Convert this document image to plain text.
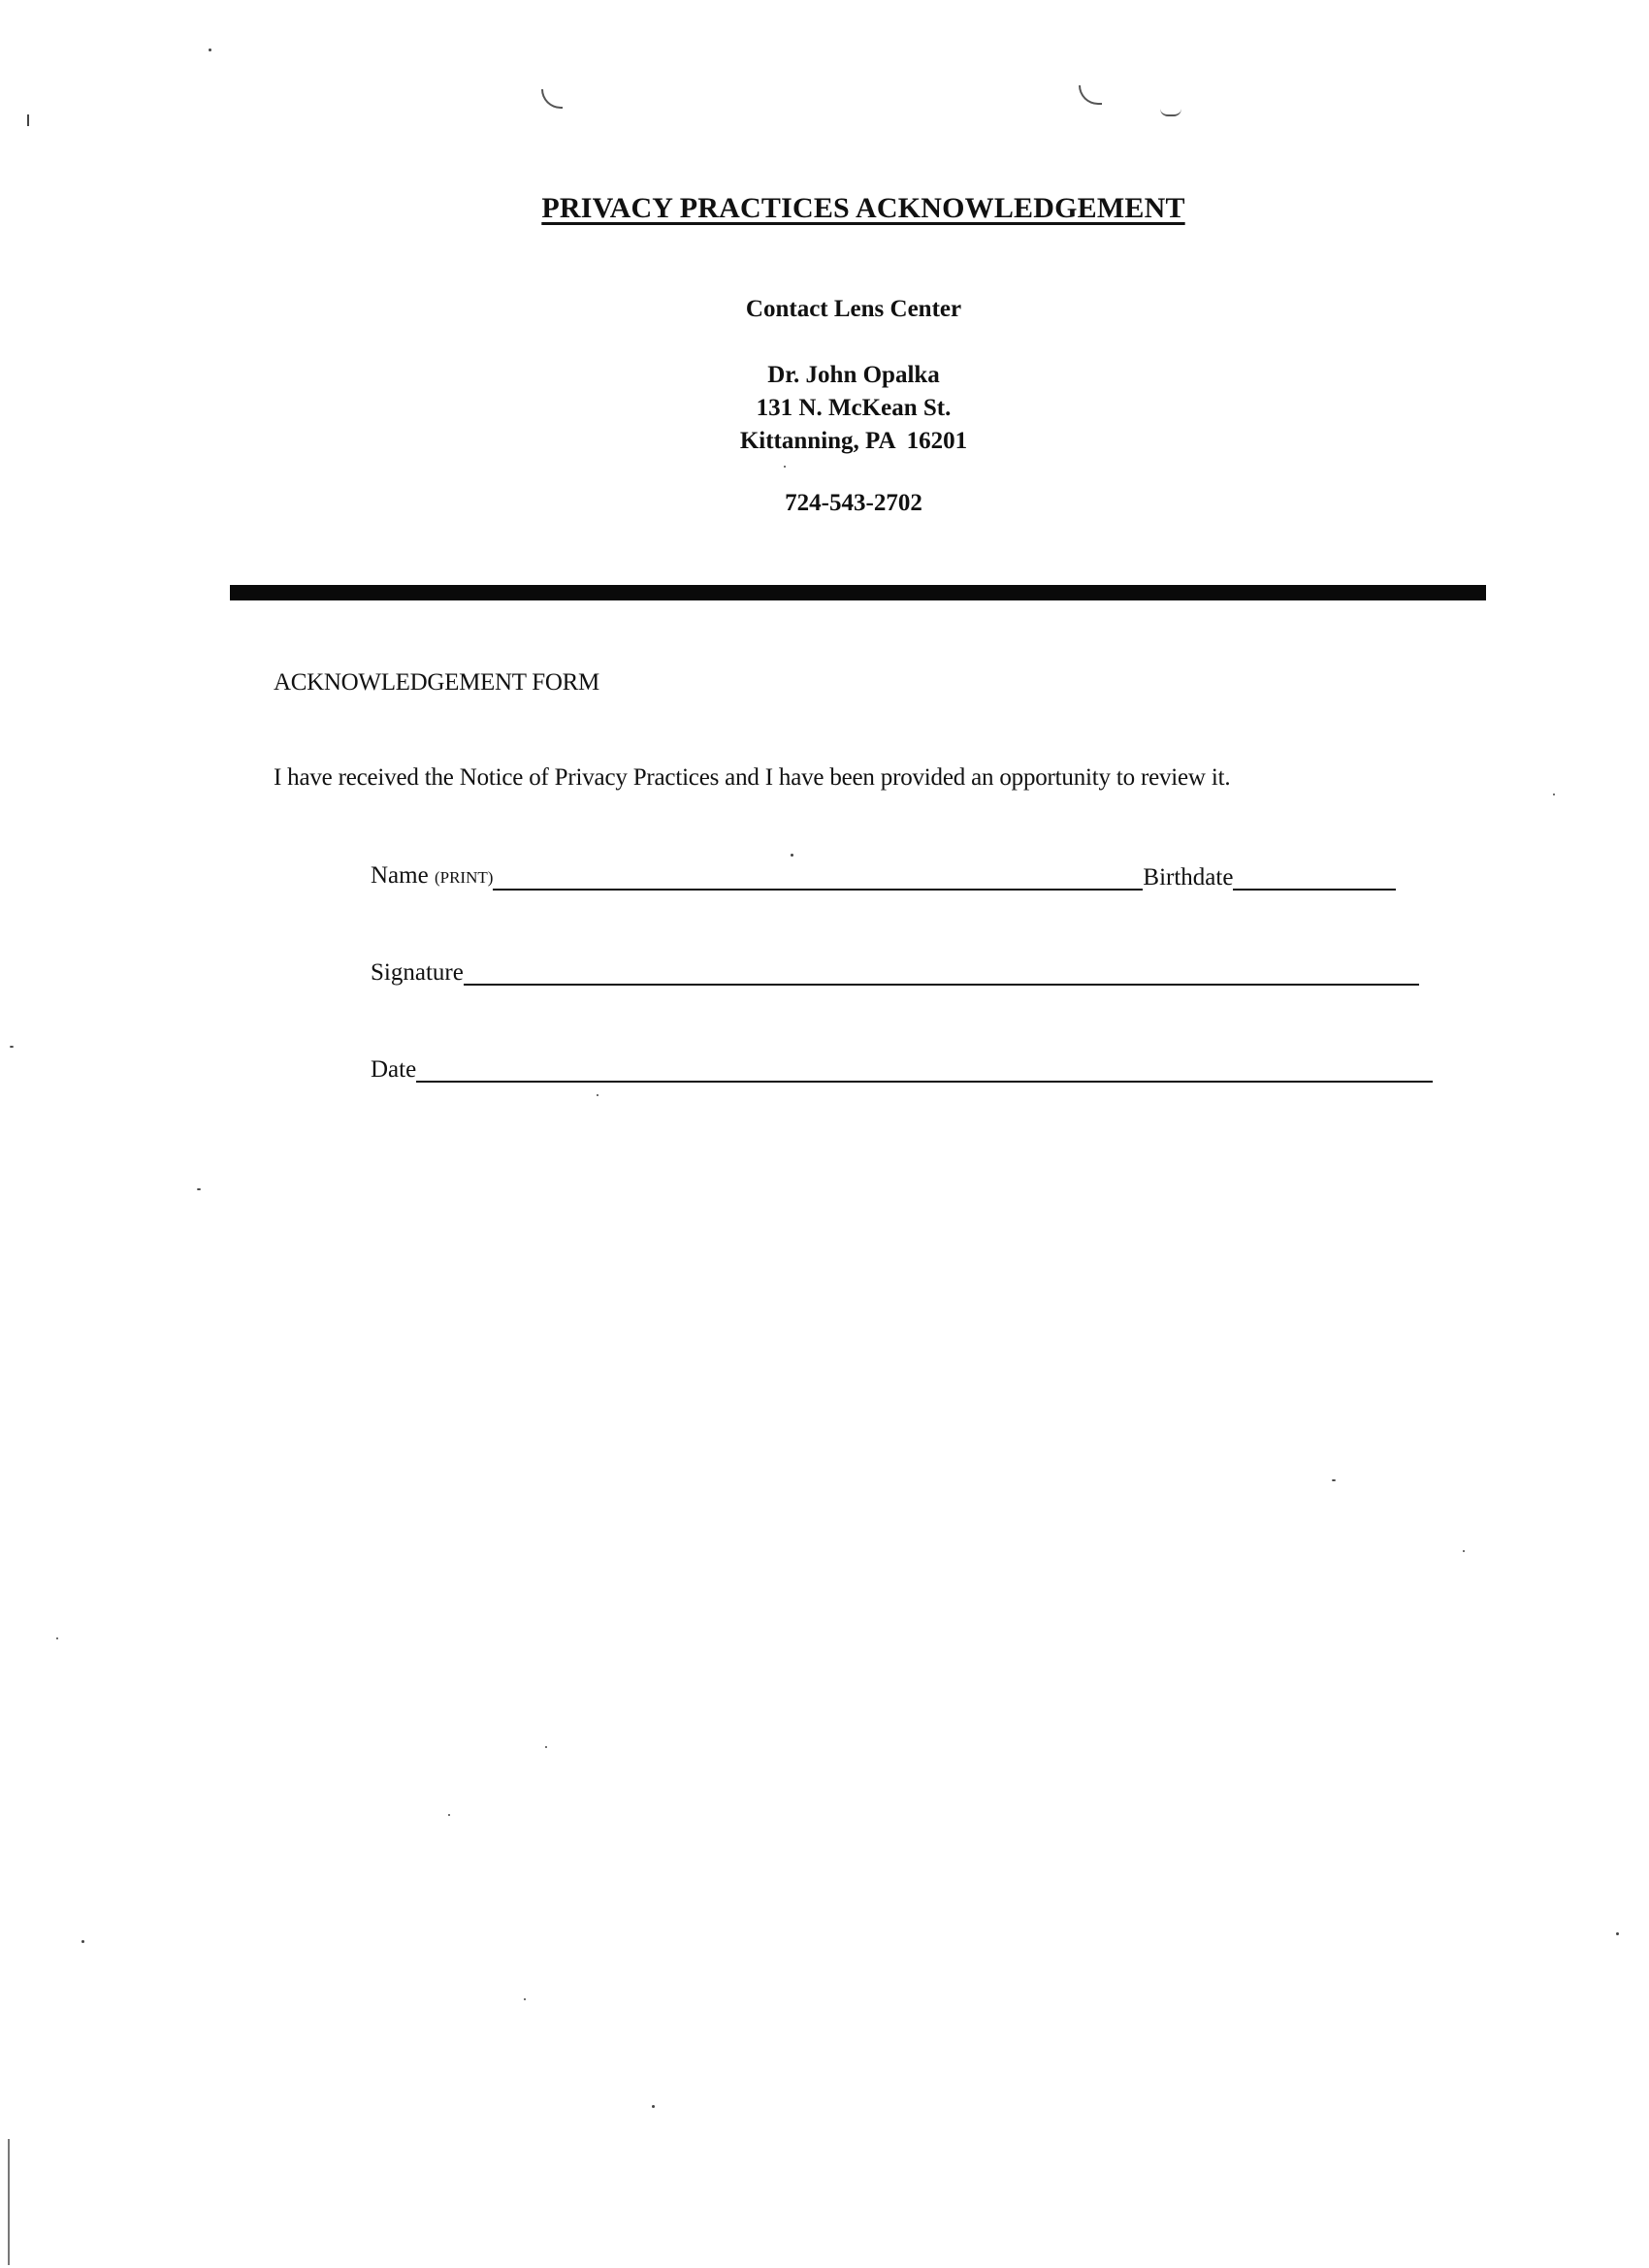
PRIVACY PRACTICES ACKNOWLEDGEMENT
Contact Lens Center
Dr. John Opalka
131 N. McKean St.
Kittanning, PA  16201
724-543-2702
ACKNOWLEDGEMENT FORM
I have received the Notice of Privacy Practices and I have been provided an opportunity to review it.
Name (PRINT)	Birthdate
Signature
Date
